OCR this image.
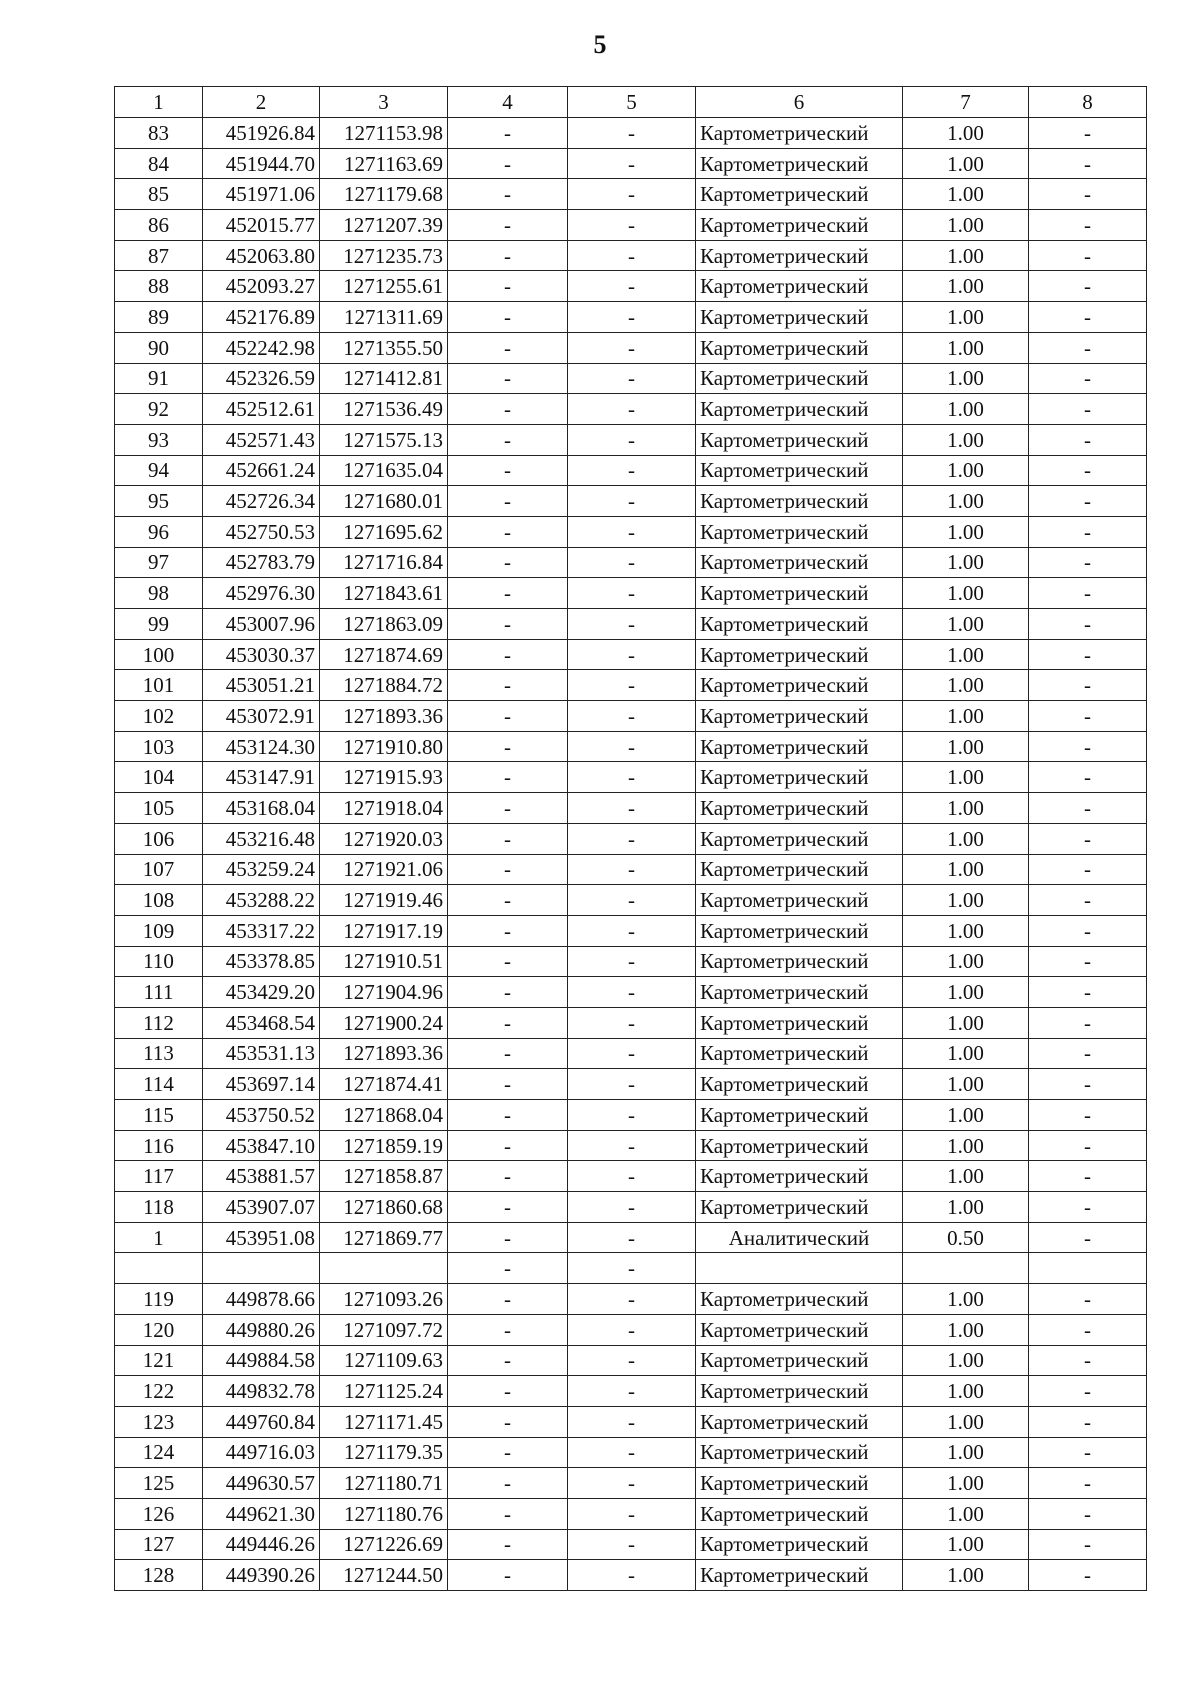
5
1	2	3	4	5	6	7	8
83	451926.84	1271153.98	-	-	Картометрический	1.00	-
84	451944.70	1271163.69	-	-	Картометрический	1.00	-
85	451971.06	1271179.68	-	-	Картометрический	1.00	-
86	452015.77	1271207.39	-	-	Картометрический	1.00	-
87	452063.80	1271235.73	-	-	Картометрический	1.00	-
88	452093.27	1271255.61	-	-	Картометрический	1.00	-
89	452176.89	1271311.69	-	-	Картометрический	1.00	-
90	452242.98	1271355.50	-	-	Картометрический	1.00	-
91	452326.59	1271412.81	-	-	Картометрический	1.00	-
92	452512.61	1271536.49	-	-	Картометрический	1.00	-
93	452571.43	1271575.13	-	-	Картометрический	1.00	-
94	452661.24	1271635.04	-	-	Картометрический	1.00	-
95	452726.34	1271680.01	-	-	Картометрический	1.00	-
96	452750.53	1271695.62	-	-	Картометрический	1.00	-
97	452783.79	1271716.84	-	-	Картометрический	1.00	-
98	452976.30	1271843.61	-	-	Картометрический	1.00	-
99	453007.96	1271863.09	-	-	Картометрический	1.00	-
100	453030.37	1271874.69	-	-	Картометрический	1.00	-
101	453051.21	1271884.72	-	-	Картометрический	1.00	-
102	453072.91	1271893.36	-	-	Картометрический	1.00	-
103	453124.30	1271910.80	-	-	Картометрический	1.00	-
104	453147.91	1271915.93	-	-	Картометрический	1.00	-
105	453168.04	1271918.04	-	-	Картометрический	1.00	-
106	453216.48	1271920.03	-	-	Картометрический	1.00	-
107	453259.24	1271921.06	-	-	Картометрический	1.00	-
108	453288.22	1271919.46	-	-	Картометрический	1.00	-
109	453317.22	1271917.19	-	-	Картометрический	1.00	-
110	453378.85	1271910.51	-	-	Картометрический	1.00	-
111	453429.20	1271904.96	-	-	Картометрический	1.00	-
112	453468.54	1271900.24	-	-	Картометрический	1.00	-
113	453531.13	1271893.36	-	-	Картометрический	1.00	-
114	453697.14	1271874.41	-	-	Картометрический	1.00	-
115	453750.52	1271868.04	-	-	Картометрический	1.00	-
116	453847.10	1271859.19	-	-	Картометрический	1.00	-
117	453881.57	1271858.87	-	-	Картометрический	1.00	-
118	453907.07	1271860.68	-	-	Картометрический	1.00	-
1	453951.08	1271869.77	-	-	Аналитический	0.50	-
			-	-			
119	449878.66	1271093.26	-	-	Картометрический	1.00	-
120	449880.26	1271097.72	-	-	Картометрический	1.00	-
121	449884.58	1271109.63	-	-	Картометрический	1.00	-
122	449832.78	1271125.24	-	-	Картометрический	1.00	-
123	449760.84	1271171.45	-	-	Картометрический	1.00	-
124	449716.03	1271179.35	-	-	Картометрический	1.00	-
125	449630.57	1271180.71	-	-	Картометрический	1.00	-
126	449621.30	1271180.76	-	-	Картометрический	1.00	-
127	449446.26	1271226.69	-	-	Картометрический	1.00	-
128	449390.26	1271244.50	-	-	Картометрический	1.00	-
